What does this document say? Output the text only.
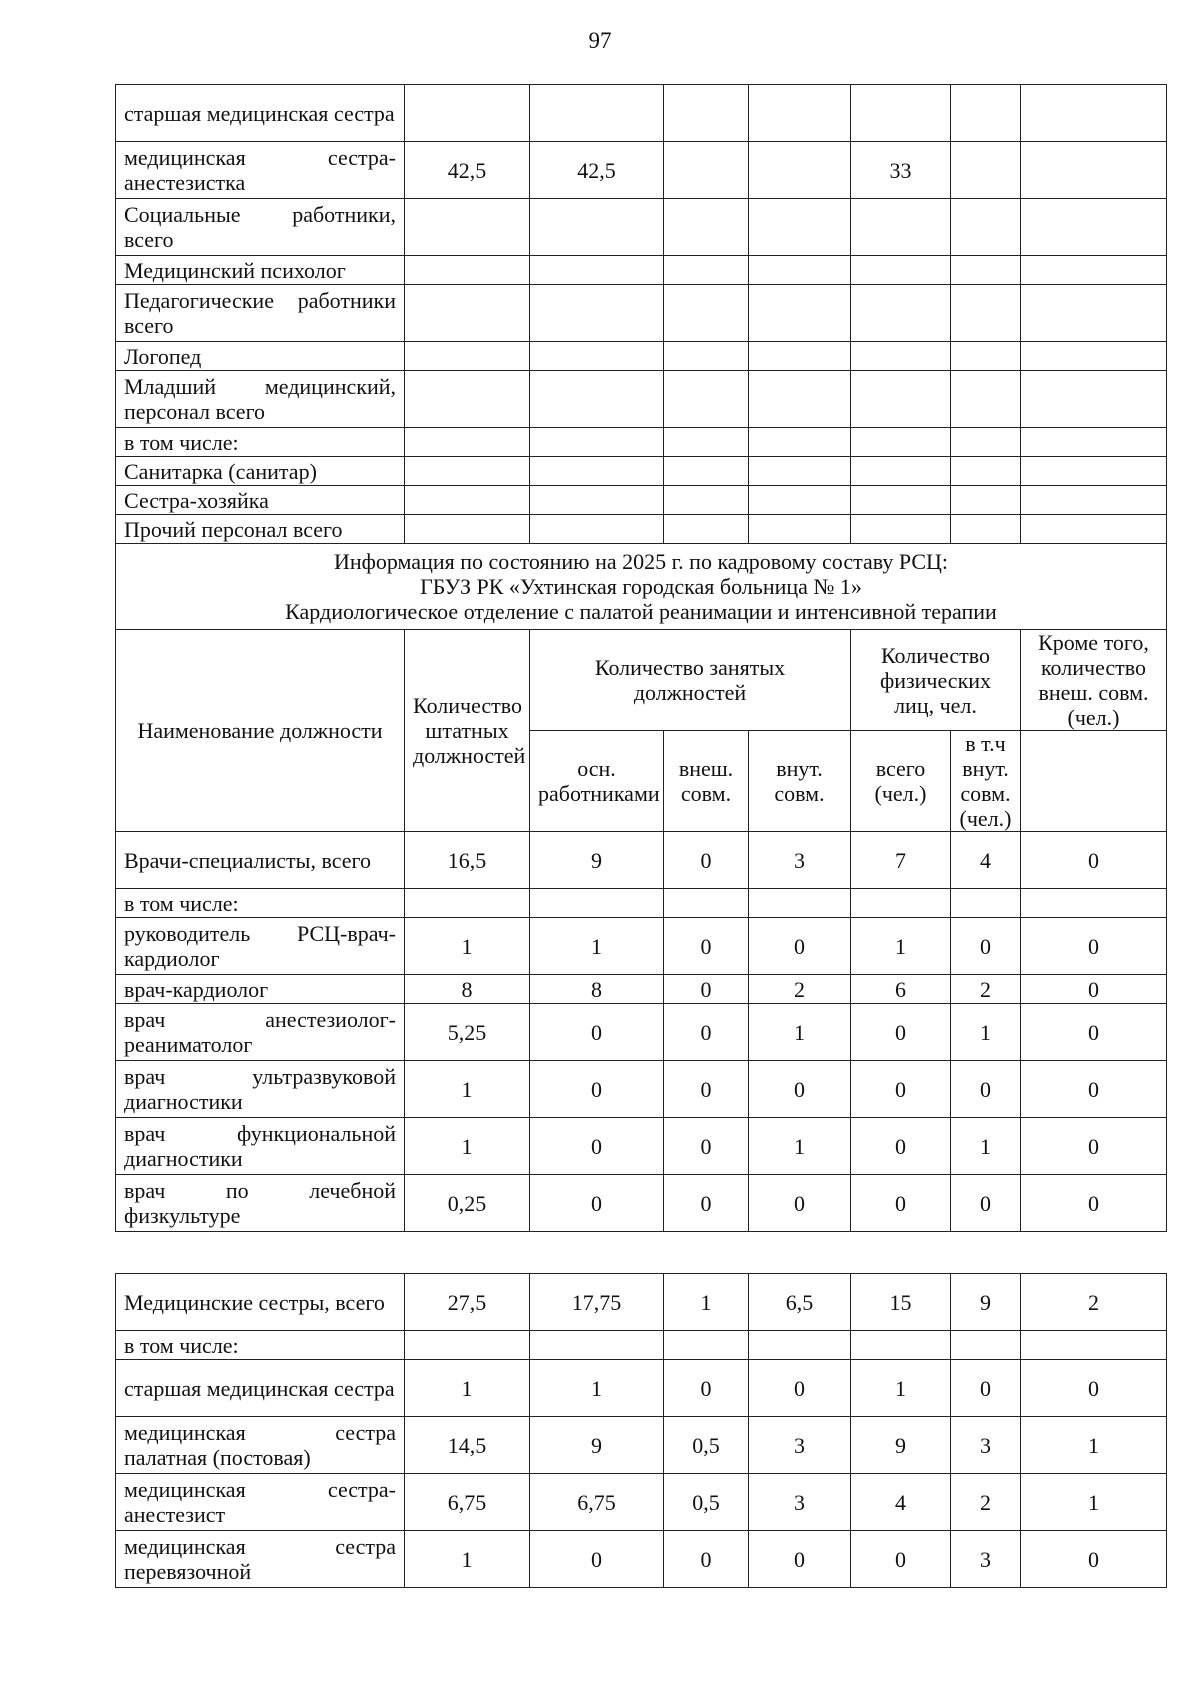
97
старшая медицинская сестра							
медицинская сестра-анестезистка	42,5	42,5			33		
Социальные работники, всего							
Медицинский психолог							
Педагогические работники всего							
Логопед							
Младший медицинский, персонал всего							
в том числе:							
Санитарка (санитар)							
Сестра-хозяйка							
Прочий персонал всего							

Информация по состоянию на 2025 г. по кадровому составу РСЦ:
ГБУЗ РК «Ухтинская городская больница № 1»
Кардиологическое отделение с палатой реанимации и интенсивной терапии							

Наименование должности	Количество штатных должностей	Количество занятых должностей			Количество физических лиц, чел.		Кроме того, количество внеш. совм. (чел.)
		осн. работниками	внеш. совм.	внут. совм.	всего (чел.)	в т.ч внут. совм. (чел.)	
Врачи-специалисты, всего	16,5	9	0	3	7	4	0
в том числе:							
руководитель РСЦ-врач-кардиолог	1	1	0	0	1	0	0
врач-кардиолог	8	8	0	2	6	2	0
врач анестезиолог-реаниматолог	5,25	0	0	1	0	1	0
врач ультразвуковой диагностики	1	0	0	0	0	0	0
врач функциональной диагностики	1	0	0	1	0	1	0
врач по лечебной физкультуре	0,25	0	0	0	0	0	0
Медицинские сестры, всего	27,5	17,75	1	6,5	15	9	2
в том числе:							
старшая медицинская сестра	1	1	0	0	1	0	0
медицинская сестра палатная (постовая)	14,5	9	0,5	3	9	3	1
медицинская сестра-анестезист	6,75	6,75	0,5	3	4	2	1
медицинская сестра перевязочной	1	0	0	0	0	3	0
